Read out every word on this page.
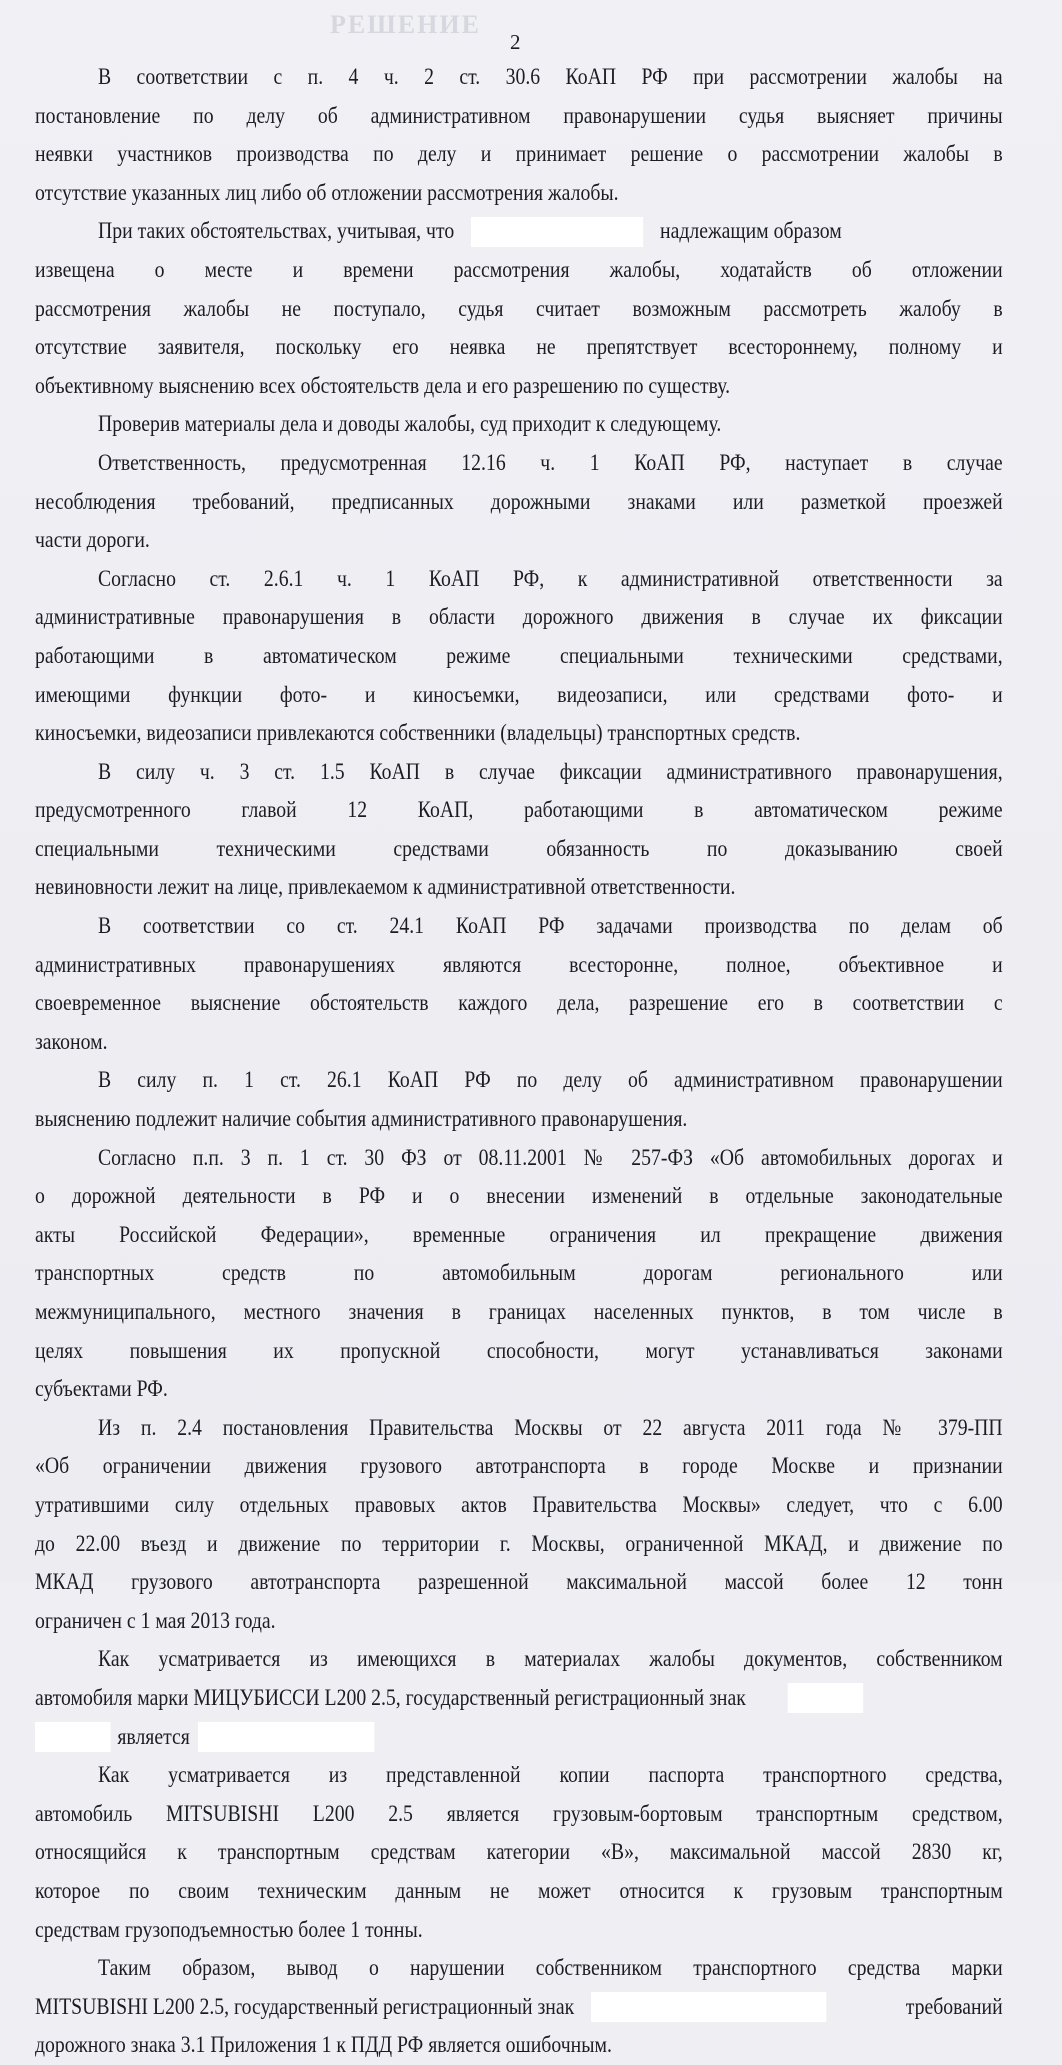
РЕШЕНИЕ
2
В соответствии с п. 4 ч. 2 ст. 30.6 КоАП РФ при рассмотрении жалобы на
постановление по делу об административном правонарушении судья выясняет причины
неявки участников производства по делу и принимает решение о рассмотрении жалобы в
отсутствие указанных лиц либо об отложении рассмотрения жалобы.
При таких обстоятельствах, учитывая, что	надлежащим образом
извещена о месте и времени рассмотрения жалобы, ходатайств об отложении
рассмотрения жалобы не поступало, судья считает возможным рассмотреть жалобу в
отсутствие заявителя, поскольку его неявка не препятствует всестороннему, полному и
объективному выяснению всех обстоятельств дела и его разрешению по существу.
Проверив материалы дела и доводы жалобы, суд приходит к следующему.
Ответственность, предусмотренная 12.16 ч. 1 КоАП РФ, наступает в случае
несоблюдения требований, предписанных дорожными знаками или разметкой проезжей
части дороги.
Согласно ст. 2.6.1 ч. 1 КоАП РФ, к административной ответственности за
административные правонарушения в области дорожного движения в случае их фиксации
работающими в автоматическом режиме специальными техническими средствами,
имеющими функции фото- и киносъемки, видеозаписи, или средствами фото- и
киносъемки, видеозаписи привлекаются собственники (владельцы) транспортных средств.
В силу ч. 3 ст. 1.5 КоАП в случае фиксации административного правонарушения,
предусмотренного главой 12 КоАП, работающими в автоматическом режиме
специальными техническими средствами обязанность по доказыванию своей
невиновности лежит на лице, привлекаемом к административной ответственности.
В соответствии со ст. 24.1 КоАП РФ задачами производства по делам об
административных правонарушениях являются всесторонне, полное, объективное и
своевременное выяснение обстоятельств каждого дела, разрешение его в соответствии с
законом.
В силу п. 1 ст. 26.1 КоАП РФ по делу об административном правонарушении
выяснению подлежит наличие события административного правонарушения.
Согласно п.п. 3 п. 1 ст. 30 ФЗ от 08.11.2001 № 257-ФЗ «Об автомобильных дорогах и
о дорожной деятельности в РФ и о внесении изменений в отдельные законодательные
акты Российской Федерации», временные ограничения ил прекращение движения
транспортных средств по автомобильным дорогам регионального или
межмуниципального, местного значения в границах населенных пунктов, в том числе в
целях повышения их пропускной способности, могут устанавливаться законами
субъектами РФ.
Из п. 2.4 постановления Правительства Москвы от 22 августа 2011 года № 379-ПП
«Об ограничении движения грузового автотранспорта в городе Москве и признании
утратившими силу отдельных правовых актов Правительства Москвы» следует, что с 6.00
до 22.00 въезд и движение по территории г. Москвы, ограниченной МКАД, и движение по
МКАД грузового автотранспорта разрешенной максимальной массой более 12 тонн
ограничен с 1 мая 2013 года.
Как усматривается из имеющихся в материалах жалобы документов, собственником
автомобиля марки МИЦУБИССИ L200 2.5, государственный регистрационный знак
является
Как усматривается из представленной копии паспорта транспортного средства,
автомобиль MITSUBISHI L200 2.5 является грузовым-бортовым транспортным средством,
относящийся к транспортным средствам категории «В», максимальной массой 2830 кг,
которое по своим техническим данным не может относится к грузовым транспортным
средствам грузоподъемностью более 1 тонны.
Таким образом, вывод о нарушении собственником транспортного средства марки
MITSUBISHI L200 2.5, государственный регистрационный знак	требований
дорожного знака 3.1 Приложения 1 к ПДД РФ является ошибочным.
